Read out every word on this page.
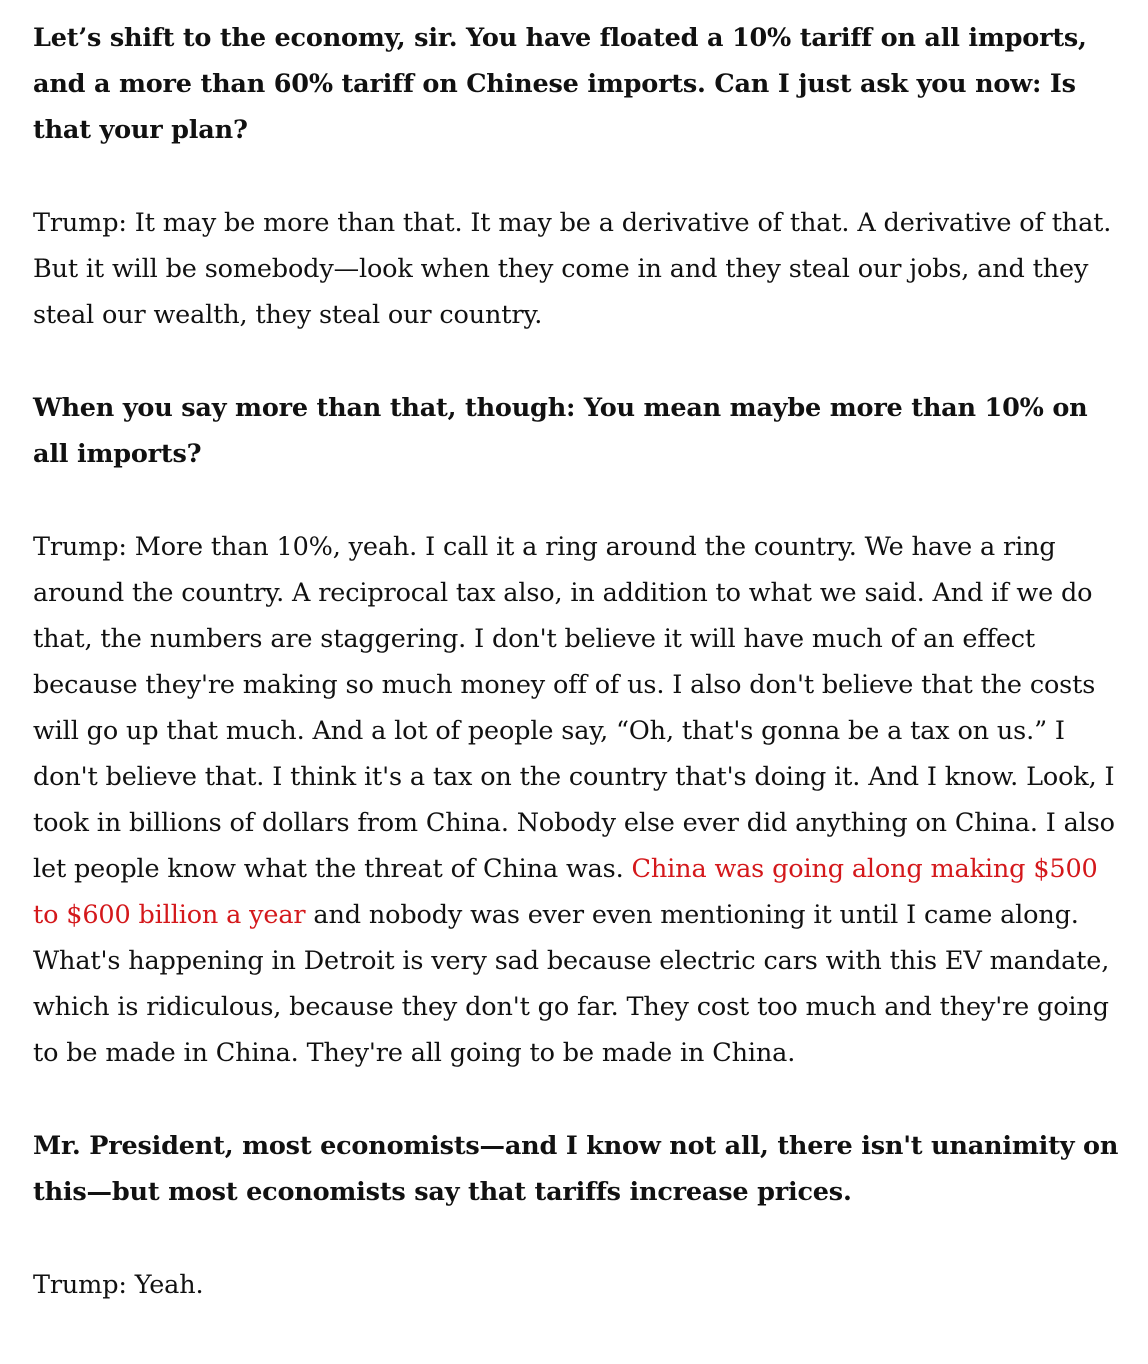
Let’s shift to the economy, sir. You have floated a 10% tariff on all imports, and a more than 60% tariff on Chinese imports. Can I just ask you now: Is that your plan?

Trump: It may be more than that. It may be a derivative of that. A derivative of that. But it will be somebody—look when they come in and they steal our jobs, and they steal our wealth, they steal our country.

When you say more than that, though: You mean maybe more than 10% on all imports?

Trump: More than 10%, yeah. I call it a ring around the country. We have a ring around the country. A reciprocal tax also, in addition to what we said. And if we do that, the numbers are staggering. I don't believe it will have much of an effect because they're making so much money off of us. I also don't believe that the costs will go up that much. And a lot of people say, “Oh, that's gonna be a tax on us.” I don't believe that. I think it's a tax on the country that's doing it. And I know. Look, I took in billions of dollars from China. Nobody else ever did anything on China. I also let people know what the threat of China was. China was going along making $500 to $600 billion a year and nobody was ever even mentioning it until I came along. What's happening in Detroit is very sad because electric cars with this EV mandate, which is ridiculous, because they don't go far. They cost too much and they're going to be made in China. They're all going to be made in China.

Mr. President, most economists—and I know not all, there isn't unanimity on this—but most economists say that tariffs increase prices.

Trump: Yeah.
